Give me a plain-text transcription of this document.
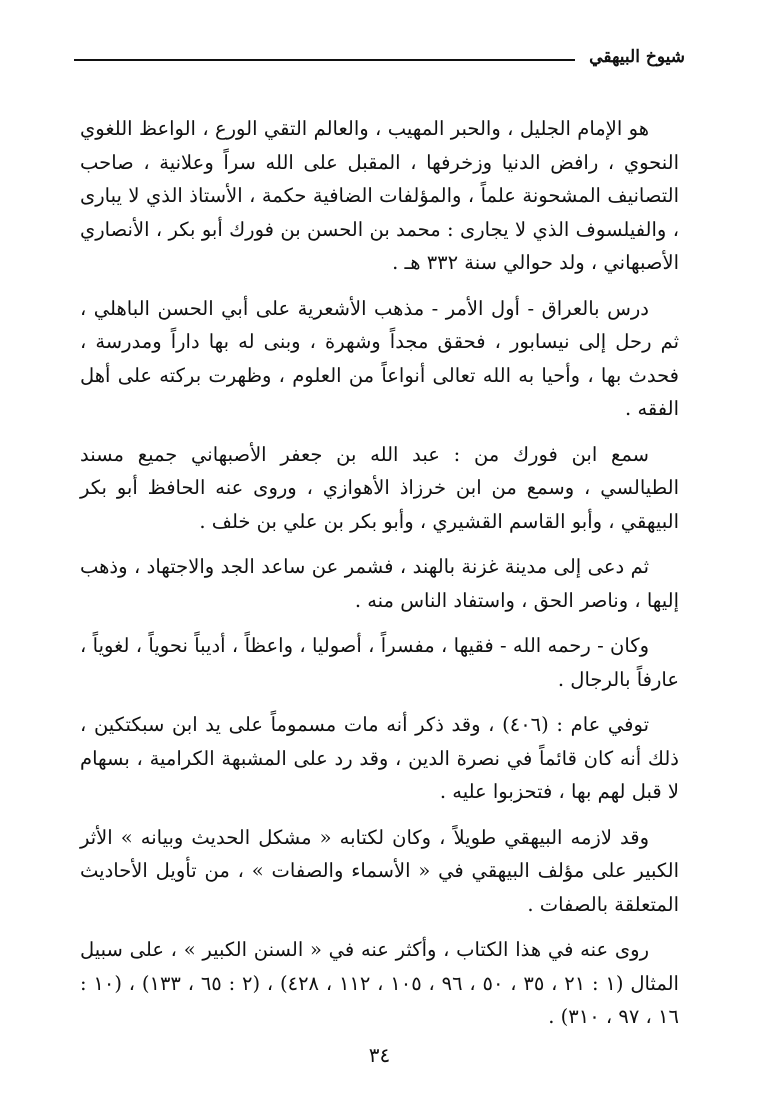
شيوخ البيهقي

هو الإمام الجليل ، والحبر المهيب ، والعالم التقي الورع ، الواعظ اللغوي النحوي ، رافض الدنيا وزخرفها ، المقبل على الله سراً وعلانية ، صاحب التصانيف المشحونة علماً ، والمؤلفات الضافية حكمة ، الأستاذ الذي لا يبارى ، والفيلسوف الذي لا يجارى : محمد بن الحسن بن فورك أبو بكر ، الأنصاري الأصبهاني ، ولد حوالي سنة ٣٣٢ هـ .

درس بالعراق - أول الأمر - مذهب الأشعرية على أبي الحسن الباهلي ، ثم رحل إلى نيسابور ، فحقق مجداً وشهرة ، وبنى له بها داراً ومدرسة ، فحدث بها ، وأحيا به الله تعالى أنواعاً من العلوم ، وظهرت بركته على أهل الفقه .

سمع ابن فورك من : عبد الله بن جعفر الأصبهاني جميع مسند الطيالسي ، وسمع من ابن خرزاذ الأهوازي ، وروى عنه الحافظ أبو بكر البيهقي ، وأبو القاسم القشيري ، وأبو بكر بن علي بن خلف .

ثم دعى إلى مدينة غزنة بالهند ، فشمر عن ساعد الجد والاجتهاد ، وذهب إليها ، وناصر الحق ، واستفاد الناس منه .

وكان - رحمه الله - فقيها ، مفسراً ، أصوليا ، واعظاً ، أديباً نحوياً ، لغوياً ، عارفاً بالرجال .

توفي عام : (٤٠٦) ، وقد ذكر أنه مات مسموماً على يد ابن سبكتكين ، ذلك أنه كان قائماً في نصرة الدين ، وقد رد على المشبهة الكرامية ، بسهام لا قبل لهم بها ، فتحزبوا عليه .

وقد لازمه البيهقي طويلاً ، وكان لكتابه « مشكل الحديث وبيانه » الأثر الكبير على مؤلف البيهقي في « الأسماء والصفات » ، من تأويل الأحاديث المتعلقة بالصفات .

روى عنه في هذا الكتاب ، وأكثر عنه في « السنن الكبير » ، على سبيل المثال (١ : ٢١ ، ٣٥ ، ٥٠ ، ٩٦ ، ١٠٥ ، ١١٢ ، ٤٢٨) ، (٢ : ٦٥ ، ١٣٣) ، (١٠ : ١٦ ، ٩٧ ، ٣١٠) .

٣٤
